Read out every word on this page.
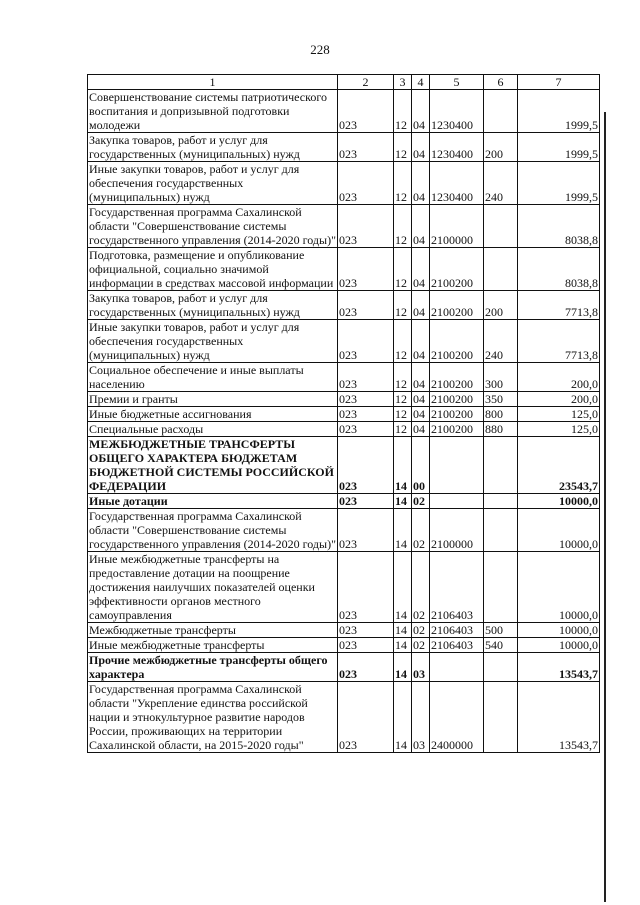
228
1	2	3	4	5	6	7
Совершенствование системы патриотического воспитания и допризывной подготовки молодежи	023	12	04	1230400		1999,5
Закупка товаров, работ и услуг для государственных (муниципальных) нужд	023	12	04	1230400	200	1999,5
Иные закупки товаров, работ и услуг для обеспечения государственных (муниципальных) нужд	023	12	04	1230400	240	1999,5
Государственная программа Сахалинской области "Совершенствование системы государственного управления (2014-2020 годы)"	023	12	04	2100000		8038,8
Подготовка, размещение и опубликование официальной, социально значимой информации в средствах массовой информации	023	12	04	2100200		8038,8
Закупка товаров, работ и услуг для государственных (муниципальных) нужд	023	12	04	2100200	200	7713,8
Иные закупки товаров, работ и услуг для обеспечения государственных (муниципальных) нужд	023	12	04	2100200	240	7713,8
Социальное обеспечение и иные выплаты населению	023	12	04	2100200	300	200,0
Премии и гранты	023	12	04	2100200	350	200,0
Иные бюджетные ассигнования	023	12	04	2100200	800	125,0
Специальные расходы	023	12	04	2100200	880	125,0
МЕЖБЮДЖЕТНЫЕ ТРАНСФЕРТЫ ОБЩЕГО ХАРАКТЕРА БЮДЖЕТАМ БЮДЖЕТНОЙ СИСТЕМЫ РОССИЙСКОЙ ФЕДЕРАЦИИ	023	14	00			23543,7
Иные дотации	023	14	02			10000,0
Государственная программа Сахалинской области "Совершенствование системы государственного управления (2014-2020 годы)"	023	14	02	2100000		10000,0
Иные межбюджетные трансферты на предоставление дотации на поощрение достижения наилучших показателей оценки эффективности органов местного самоуправления	023	14	02	2106403		10000,0
Межбюджетные трансферты	023	14	02	2106403	500	10000,0
Иные межбюджетные трансферты	023	14	02	2106403	540	10000,0
Прочие межбюджетные трансферты общего характера	023	14	03			13543,7
Государственная программа Сахалинской области "Укрепление единства российской нации и этнокультурное развитие народов России, проживающих на территории Сахалинской области, на 2015-2020 годы"	023	14	03	2400000		13543,7
